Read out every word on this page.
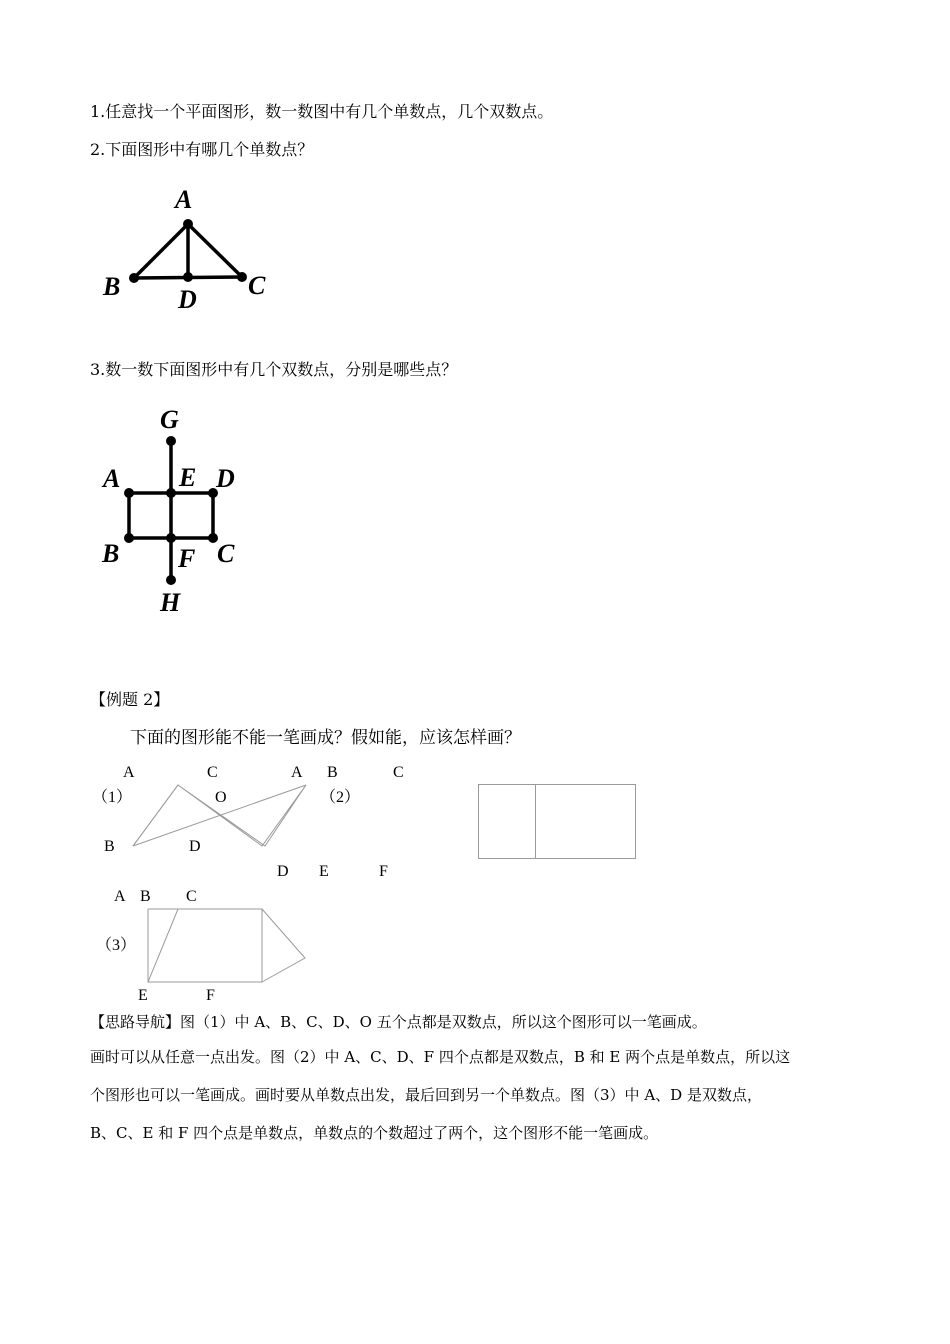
1.任意找一个平面图形，数一数图中有几个单数点，几个双数点。
2.下面图形中有哪几个单数点？
A
B	C
D
3.数一数下面图形中有几个双数点，分别是哪些点？
G
A E D
B F C
H
【例题 2】
下面的图形能不能一笔画成？假如能，应该怎样画？
A	C	A B	C
（1）	O	（2）
B	D
D E	F
A B C
（3）
E	F
【思路导航】图（1）中 A、B、C、D、O 五个点都是双数点，所以这个图形可以一笔画成。
画时可以从任意一点出发。图（2）中 A、C、D、F 四个点都是双数点，B 和 E 两个点是单数点，所以这
个图形也可以一笔画成。画时要从单数点出发，最后回到另一个单数点。图（3）中 A、D 是双数点，
B、C、E 和 F 四个点是单数点，单数点的个数超过了两个，这个图形不能一笔画成。
